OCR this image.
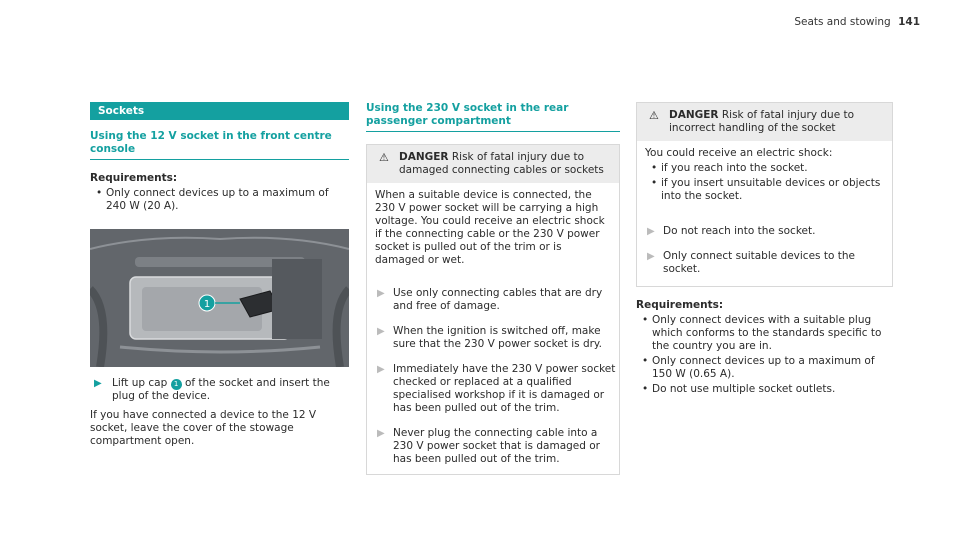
Seats and stowing 141
Sockets
Using the 12 V socket in the front centre console
Requirements:
• Only connect devices up to a maximum of 240 W (20 A).
1
▶ Lift up cap 1 of the socket and insert the plug of the device.

If you have connected a device to the 12 V socket, leave the cover of the stowage compartment open.

Using the 230 V socket in the rear passenger compartment
⚠ DANGER Risk of fatal injury due to damaged connecting cables or sockets
When a suitable device is connected, the 230 V power socket will be carrying a high voltage. You could receive an electric shock if the connecting cable or the 230 V power socket is pulled out of the trim or is damaged or wet.
▶ Use only connecting cables that are dry and free of damage.
▶ When the ignition is switched off, make sure that the 230 V power socket is dry.
▶ Immediately have the 230 V power socket checked or replaced at a qualified specialised workshop if it is damaged or has been pulled out of the trim.
▶ Never plug the connecting cable into a 230 V power socket that is damaged or has been pulled out of the trim.
⚠ DANGER Risk of fatal injury due to incorrect handling of the socket

You could receive an electric shock:

• if you reach into the socket.
• if you insert unsuitable devices or objects into the socket.
▶ Do not reach into the socket.
▶ Only connect suitable devices to the socket.
Requirements:
• Only connect devices with a suitable plug which conforms to the standards specific to the country you are in.
• Only connect devices up to a maximum of 150 W (0.65 A).
• Do not use multiple socket outlets.
